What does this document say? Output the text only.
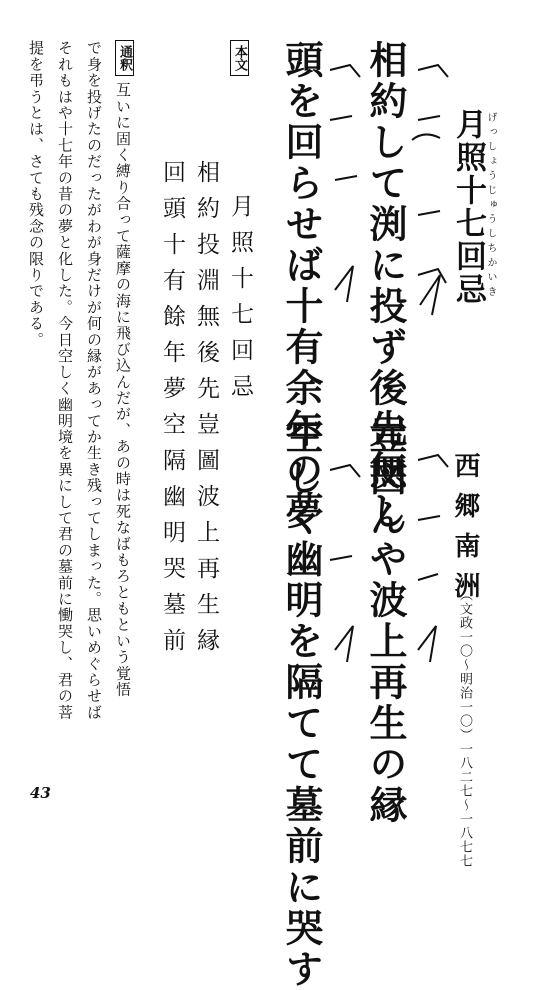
月照十七回忌 げっしょうじゅうしちかいき
相約して渕に投ず後先無し
頭を回らせば十有余年の夢
豈図んや波上再生の縁
空しく幽明を隔てて墓前に哭す	西郷南洲
（文政一〇〜明治一〇）一八二七〜一八七七
本文
月照十七回忌
相約投淵無後先
回頭十有餘年夢
豈圖波上再生縁
空隔幽明哭墓前
通釈
互いに固く縛り合って薩摩の海に飛び込んだが、あの時は死なばもろともという覚悟
で身を投げたのだったがわが身だけが何の縁があってか生き残ってしまった。思いめぐらせば
それもはや十七年の昔の夢と化した。今日空しく幽明境を異にして君の墓前に慟哭し、君の菩
提を弔うとは、さても残念の限りである。
43
